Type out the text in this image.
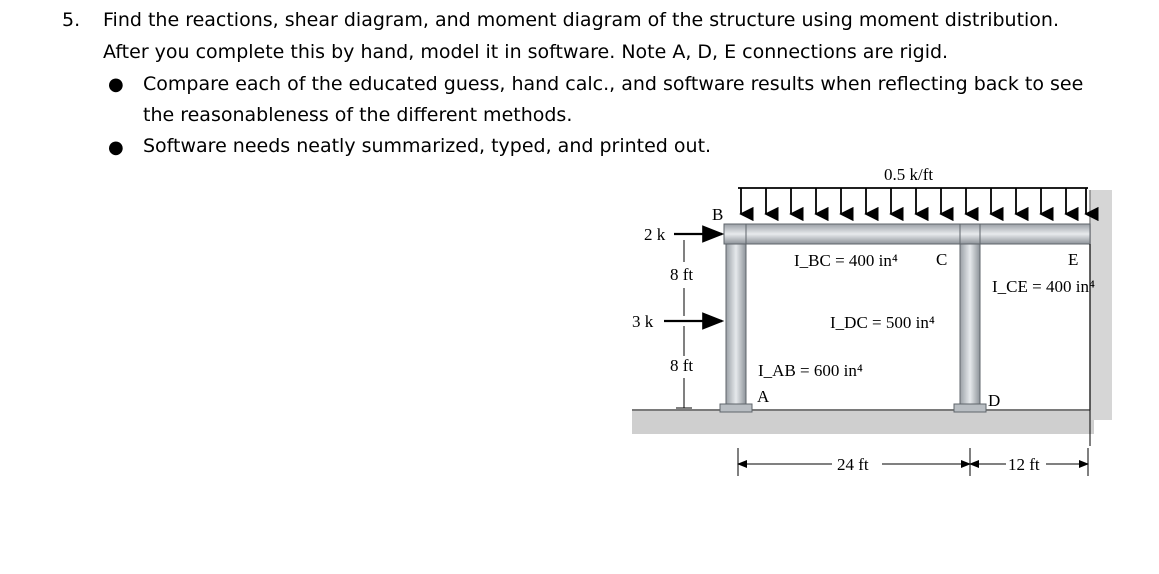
5. Find the reactions, shear diagram, and moment diagram of the structure using moment distribution.
After you complete this by hand, model it in software. Note A, D, E connections are rigid.
● Compare each of the educated guess, hand calc., and software results when reflecting back to see
the reasonableness of the different methods.
● Software needs neatly summarized, typed, and printed out.
0.5 k/ft
2 k
3 k
8 ft
8 ft
24 ft	12 ft
B
C
A	D
E
I_BC = 400 in⁴
I_DC = 500 in⁴
I_AB = 600 in⁴
I_CE = 400 in⁴
